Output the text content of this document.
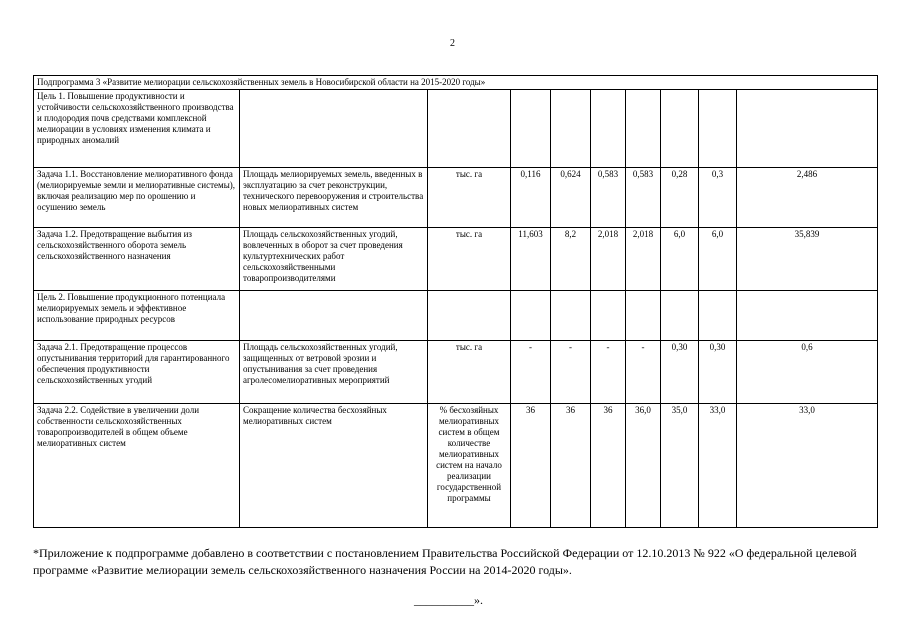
2
Подпрограмма 3 «Развитие мелиорации сельскохозяйственных земель в Новосибирской области на 2015-2020 годы»									
Цель 1. Повышение продуктивности и устойчивости сельскохозяйственного производства и плодородия почв средствами комплексной мелиорации в условиях изменения климата и природных аномалий									
Задача 1.1. Восстановление мелиоративного фонда (мелиорируемые земли и мелиоративные системы), включая реализацию мер по орошению и осушению земель	Площадь мелиорируемых земель, введенных в эксплуатацию за счет реконструкции, технического перевооружения и строительства новых мелиоративных систем	тыс. га	0,116	0,624	0,583	0,583	0,28	0,3	2,486
Задача 1.2. Предотвращение выбытия из сельскохозяйственного оборота земель сельскохозяйственного назначения	Площадь сельскохозяйственных угодий, вовлеченных в оборот за счет проведения культуртехнических работ сельскохозяйственными товаропроизводителями	тыс. га	11,603	8,2	2,018	2,018	6,0	6,0	35,839
Цель 2. Повышение продукционного потенциала мелиорируемых земель и эффективное использование природных ресурсов									
Задача 2.1. Предотвращение процессов опустынивания территорий для гарантированного обеспечения продуктивности сельскохозяйственных угодий	Площадь сельскохозяйственных угодий, защищенных от ветровой эрозии и опустынивания за счет проведения агролесомелиоративных мероприятий	тыс. га	-	-	-	-	0,30	0,30	0,6
Задача 2.2. Содействие в увеличении доли собственности сельскохозяйственных товаропроизводителей в общем объеме мелиоративных систем	Сокращение количества бесхозяйных мелиоративных систем	% бесхозяйных мелиоративных систем в общем количестве мелиоративных систем на начало реализации государственной программы	36	36	36	36,0	35,0	33,0	33,0
*Приложение к подпрограмме добавлено в соответствии с постановлением Правительства Российской Федерации от 12.10.2013 № 922 «О федеральной целевой программе «Развитие мелиорации земель сельскохозяйственного назначения России на 2014-2020 годы».
__________».
